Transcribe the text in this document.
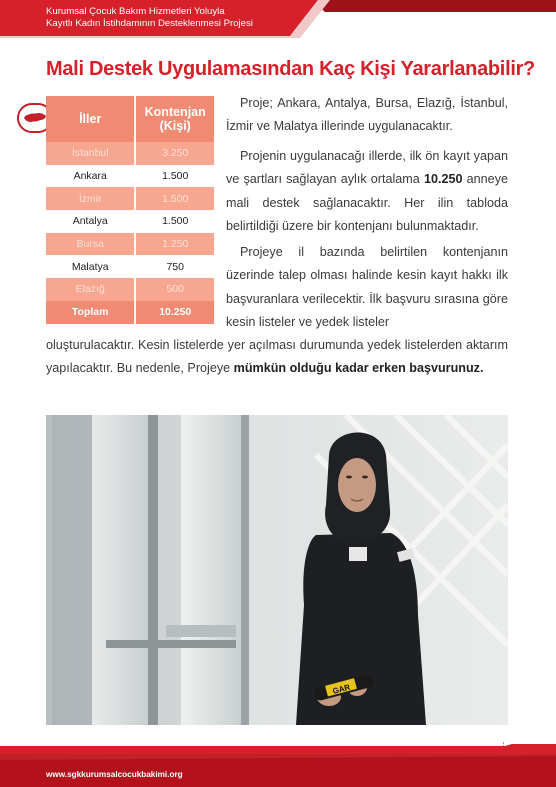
Kurumsal Çocuk Bakım Hizmetleri Yoluyla
Kayıtlı Kadın İstihdamının Desteklenmesi Projesi
Mali Destek Uygulamasından Kaç Kişi Yararlanabilir?
İller	Kontenjan (Kişi)
İstanbul	3.250
Ankara	1.500
İzmir	1.500
Antalya	1.500
Bursa	1.250
Malatya	750
Elazığ	500
Toplam	10.250

Proje; Ankara, Antalya, Bursa, Elazığ, İstanbul, İzmir ve Malatya illerinde uygulanacaktır.

Projenin uygulanacağı illerde, ilk ön kayıt yapan ve şartları sağlayan aylık ortalama 10.250 anneye mali destek sağlanacaktır. Her ilin tabloda belirtildiği üzere bir kontenjanı bulunmaktadır.

Projeye il bazında belirtilen kontenjanın üzerinde talep olması halinde kesin kayıt hakkı ilk başvuranlara verilecektir. İlk başvuru sırasına göre kesin listeler ve yedek listeler

oluşturulacaktır. Kesin listelerde yer açılması durumunda yedek listelerden aktarım yapılacaktır. Bu nedenle, Projeye mümkün olduğu kadar erken başvurunuz.

GAR
www.sgkkurumsalcocukbakimi.org
